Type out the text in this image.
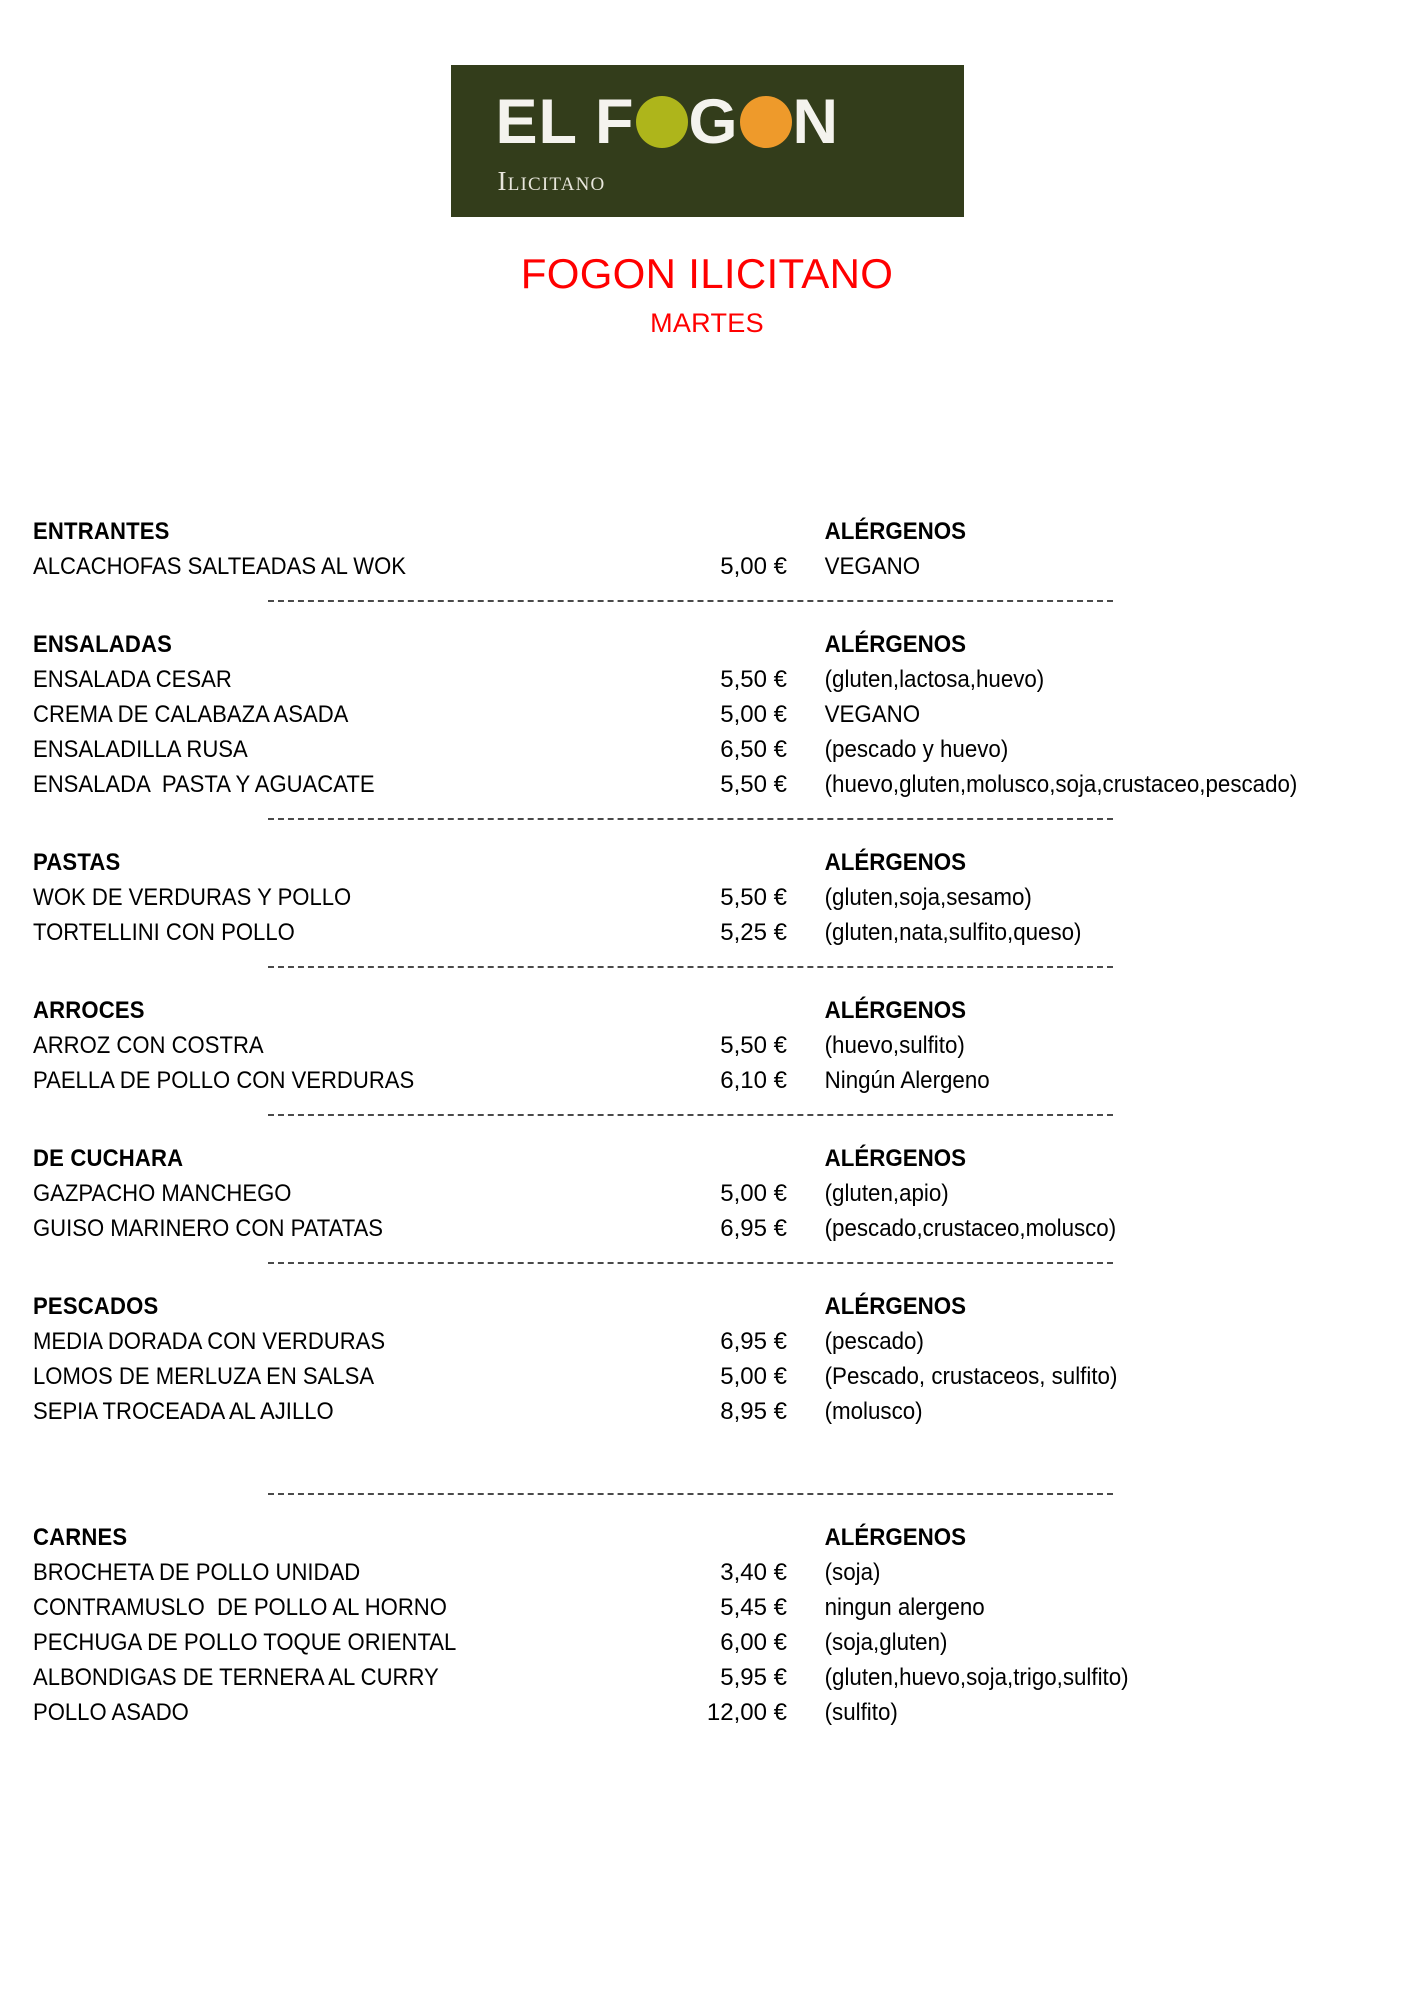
EL F G N
Ilicitano
FOGON ILICITANO
MARTES
ENTRANTES	ALÉRGENOS
ALCACHOFAS SALTEADAS AL WOK	5,00 €	VEGANO
ENSALADAS	ALÉRGENOS
ENSALADA CESAR	5,50 €	(gluten,lactosa,huevo)
CREMA DE CALABAZA ASADA	5,00 €	VEGANO
ENSALADILLA RUSA	6,50 €	(pescado y huevo)
ENSALADA  PASTA Y AGUACATE	5,50 €	(huevo,gluten,molusco,soja,crustaceo,pescado)
PASTAS	ALÉRGENOS
WOK DE VERDURAS Y POLLO	5,50 €	(gluten,soja,sesamo)
TORTELLINI CON POLLO	5,25 €	(gluten,nata,sulfito,queso)
ARROCES	ALÉRGENOS
ARROZ CON COSTRA	5,50 €	(huevo,sulfito)
PAELLA DE POLLO CON VERDURAS	6,10 €	Ningún Alergeno
DE CUCHARA	ALÉRGENOS
GAZPACHO MANCHEGO	5,00 €	(gluten,apio)
GUISO MARINERO CON PATATAS	6,95 €	(pescado,crustaceo,molusco)
PESCADOS	ALÉRGENOS
MEDIA DORADA CON VERDURAS	6,95 €	(pescado)
LOMOS DE MERLUZA EN SALSA	5,00 €	(Pescado, crustaceos, sulfito)
SEPIA TROCEADA AL AJILLO	8,95 €	(molusco)
CARNES	ALÉRGENOS
BROCHETA DE POLLO UNIDAD	3,40 €	(soja)
CONTRAMUSLO  DE POLLO AL HORNO	5,45 €	ningun alergeno
PECHUGA DE POLLO TOQUE ORIENTAL	6,00 €	(soja,gluten)
ALBONDIGAS DE TERNERA AL CURRY	5,95 €	(gluten,huevo,soja,trigo,sulfito)
POLLO ASADO	12,00 €	(sulfito)
